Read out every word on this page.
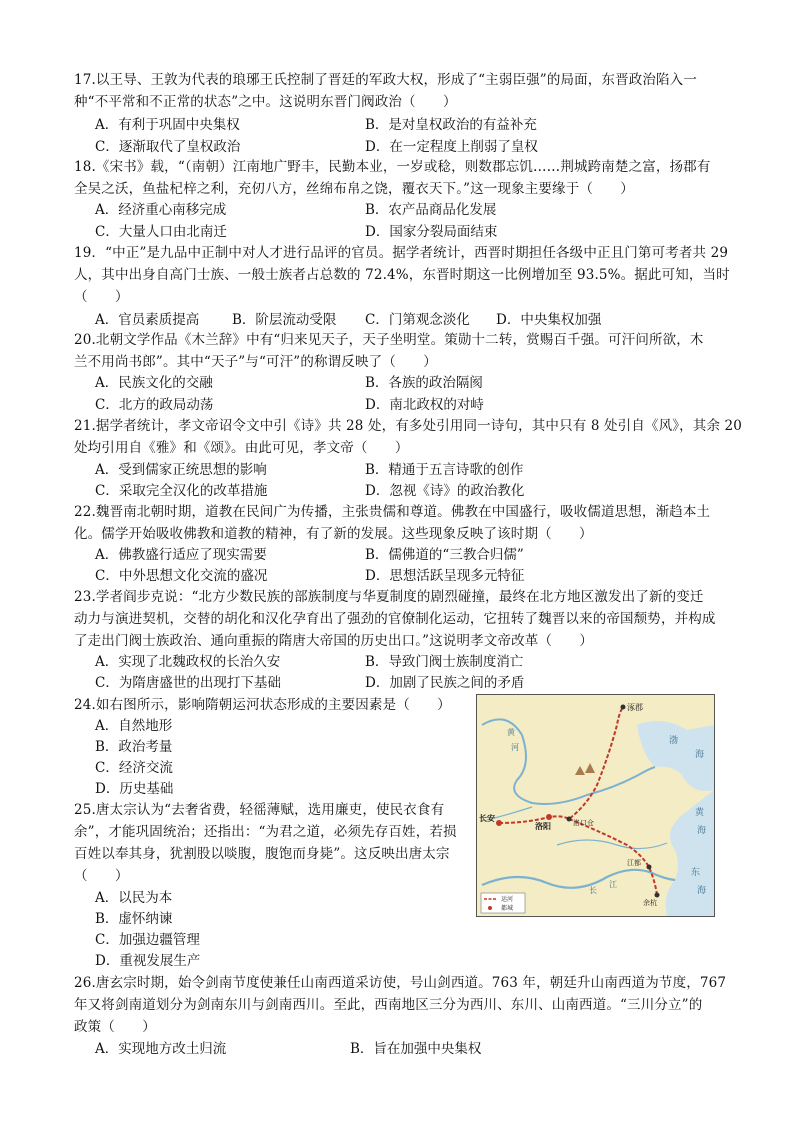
17.以王导、王敦为代表的琅琊王氏控制了晋廷的军政大权，形成了“主弱臣强”的局面，东晋政治陷入一
种“不平常和不正常的状态”之中。这说明东晋门阀政治（　　）
A．有利于巩固中央集权	B．是对皇权政治的有益补充
C．逐渐取代了皇权政治	D．在一定程度上削弱了皇权
18.《宋书》载，“（南朝）江南地广野丰，民勤本业，一岁或稔，则数郡忘饥……荆城跨南楚之富，扬郡有
全吴之沃，鱼盐杞梓之利，充仞八方，丝绵布帛之饶，覆衣天下。”这一现象主要缘于（　　）
A．经济重心南移完成	B．农产品商品化发展
C．大量人口由北南迁	D．国家分裂局面结束
19．“中正”是九品中正制中对人才进行品评的官员。据学者统计，西晋时期担任各级中正且门第可考者共 29
人，其中出身自高门士族、一般士族者占总数的 72.4%，东晋时期这一比例增加至 93.5%。据此可知，当时
（　　）
A．官员素质提高 B．阶层流动受限 C．门第观念淡化 D．中央集权加强
20.北朝文学作品《木兰辞》中有“归来见天子，天子坐明堂。策勋十二转，赏赐百千强。可汗问所欲，木
兰不用尚书郎”。其中“天子”与“可汗”的称谓反映了（　　）
A．民族文化的交融	B．各族的政治隔阂
C．北方的政局动荡	D．南北政权的对峙
21.据学者统计，孝文帝诏令文中引《诗》共 28 处，有多处引用同一诗句，其中只有 8 处引自《风》，其余 20
处均引用自《雅》和《颂》。由此可见，孝文帝（　　）
A．受到儒家正统思想的影响	B．精通于五言诗歌的创作
C．采取完全汉化的改革措施	D．忽视《诗》的政治教化
22.魏晋南北朝时期，道教在民间广为传播，主张贵儒和尊道。佛教在中国盛行，吸收儒道思想，渐趋本土
化。儒学开始吸收佛教和道教的精神，有了新的发展。这些现象反映了该时期（　　）
A．佛教盛行适应了现实需要	B．儒佛道的“三教合归儒”
C．中外思想文化交流的盛况	D．思想活跃呈现多元特征
23.学者阎步克说：“北方少数民族的部族制度与华夏制度的剧烈碰撞，最终在北方地区激发出了新的变迁
动力与演进契机，交替的胡化和汉化孕育出了强劲的官僚制化运动，它扭转了魏晋以来的帝国颓势，并构成
了走出门阀士族政治、通向重振的隋唐大帝国的历史出口。”这说明孝文帝改革（　　）
A．实现了北魏政权的长治久安	B．导致门阀士族制度消亡
C．为隋唐盛世的出现打下基础	D．加剧了民族之间的矛盾
24.如右图所示，影响隋朝运河状态形成的主要因素是（　　）
A．自然地形
B．政治考量
C．经济交流
D．历史基础
涿郡
长安
洛阳	洛口仓
江都
余杭
渤
海
黄
海
东
海
长
江
黄
河
运河
都城
25.唐太宗认为“去奢省费，轻徭薄赋，选用廉吏，使民衣食有
余”，才能巩固统治；还指出：“为君之道，必须先存百姓，若损
百姓以奉其身，犹割股以啖腹，腹饱而身毙”。这反映出唐太宗
（　　）
A．以民为本
B．虚怀纳谏
C．加强边疆管理
D．重视发展生产
26.唐玄宗时期，始令剑南节度使兼任山南西道采访使，号山剑西道。763 年，朝廷升山南西道为节度，767
年又将剑南道划分为剑南东川与剑南西川。至此，西南地区三分为西川、东川、山南西道。“三川分立”的
政策（　　）
A．实现地方改土归流	B．旨在加强中央集权
